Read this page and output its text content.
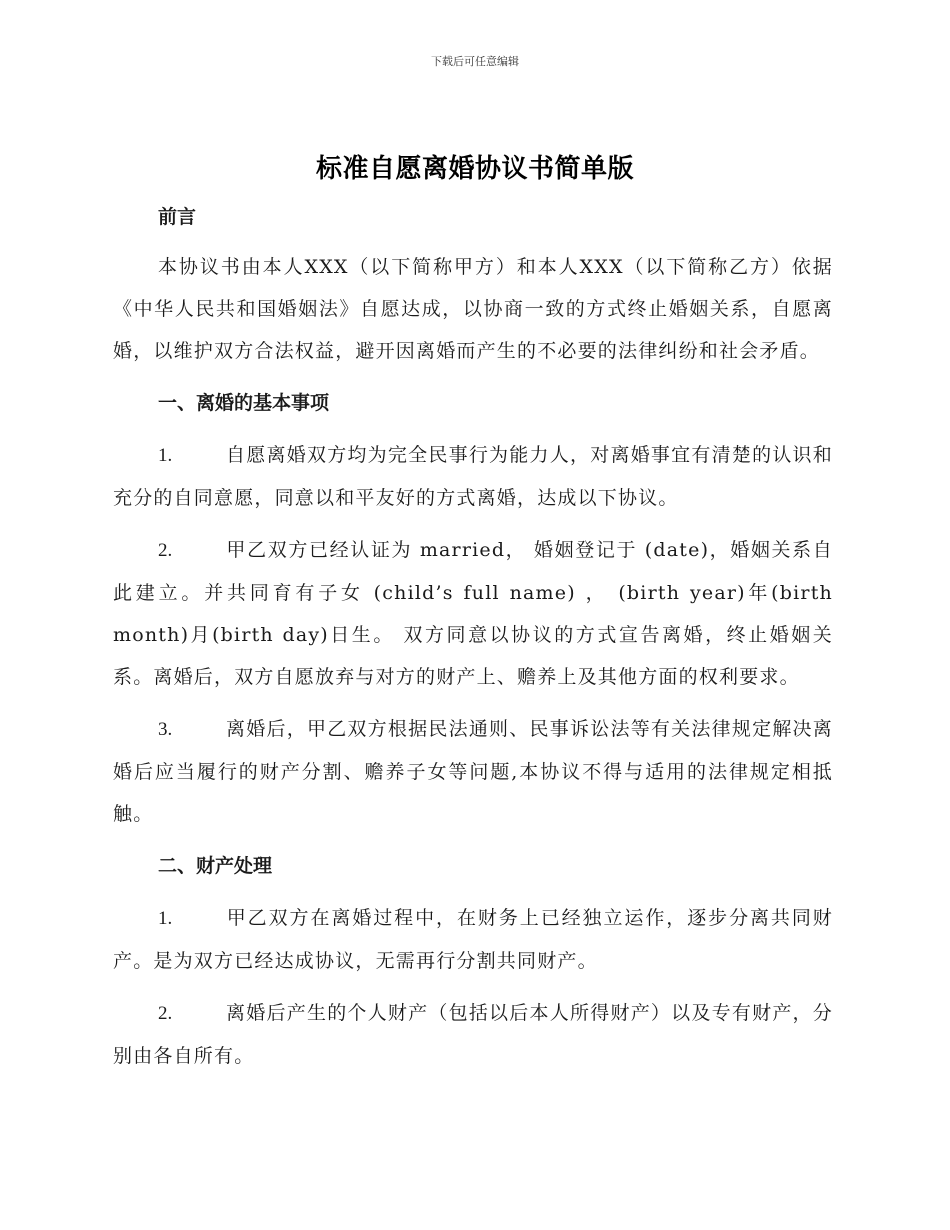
下载后可任意编辑
标准自愿离婚协议书简单版

前言

本协议书由本人XXX（以下简称甲方）和本人XXX（以下简称乙方）依据《中华人民共和国婚姻法》自愿达成，以协商一致的方式终止婚姻关系，自愿离婚，以维护双方合法权益，避开因离婚而产生的不必要的法律纠纷和社会矛盾。

一、离婚的基本事项

1.	自愿离婚双方均为完全民事行为能力人，对离婚事宜有清楚的认识和充分的自同意愿，同意以和平友好的方式离婚，达成以下协议。

2.	甲乙双方已经认证为 married， 婚姻登记于 (date)，婚姻关系自此建立。并共同育有子女 (child’s full name) ， (birth year)年(birth month)月(birth day)日生。 双方同意以协议的方式宣告离婚，终止婚姻关系。离婚后，双方自愿放弃与对方的财产上、赡养上及其他方面的权利要求。

3.	离婚后，甲乙双方根据民法通则、民事诉讼法等有关法律规定解决离婚后应当履行的财产分割、赡养子女等问题,本协议不得与适用的法律规定相抵触。

二、财产处理

1.	甲乙双方在离婚过程中，在财务上已经独立运作，逐步分离共同财产。是为双方已经达成协议，无需再行分割共同财产。

2.	离婚后产生的个人财产（包括以后本人所得财产）以及专有财产，分别由各自所有。
